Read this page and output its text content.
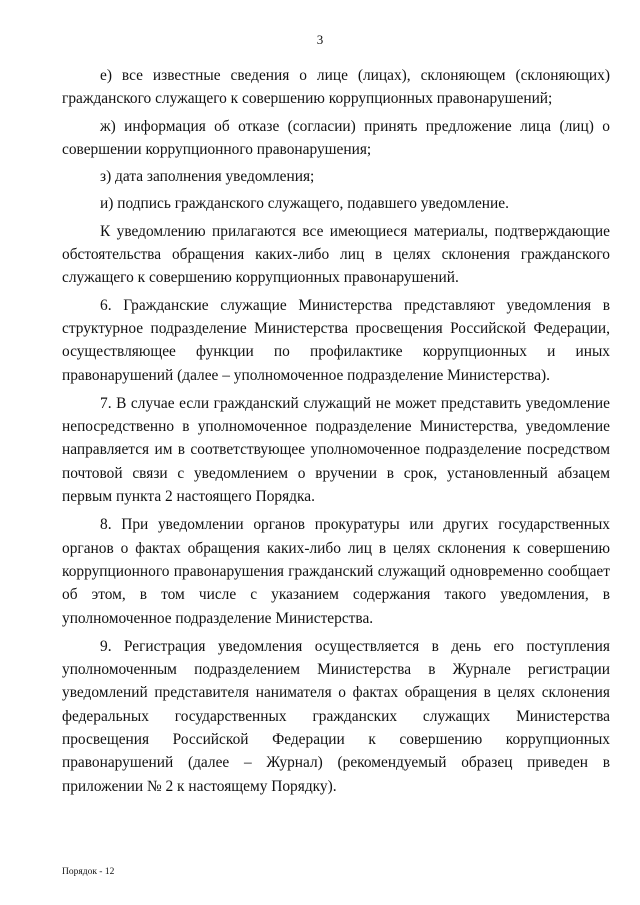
3

е) все известные сведения о лице (лицах), склоняющем (склоняющих) гражданского служащего к совершению коррупционных правонарушений;

ж) информация об отказе (согласии) принять предложение лица (лиц) о совершении коррупционного правонарушения;

з) дата заполнения уведомления;

и) подпись гражданского служащего, подавшего уведомление.

К уведомлению прилагаются все имеющиеся материалы, подтверждающие обстоятельства обращения каких-либо лиц в целях склонения гражданского служащего к совершению коррупционных правонарушений.

6. Гражданские служащие Министерства представляют уведомления в структурное подразделение Министерства просвещения Российской Федерации, осуществляющее функции по профилактике коррупционных и иных правонарушений (далее – уполномоченное подразделение Министерства).

7. В случае если гражданский служащий не может представить уведомление непосредственно в уполномоченное подразделение Министерства, уведомление направляется им в соответствующее уполномоченное подразделение посредством почтовой связи с уведомлением о вручении в срок, установленный абзацем первым пункта 2 настоящего Порядка.

8. При уведомлении органов прокуратуры или других государственных органов о фактах обращения каких-либо лиц в целях склонения к совершению коррупционного правонарушения гражданский служащий одновременно сообщает об этом, в том числе с указанием содержания такого уведомления, в уполномоченное подразделение Министерства.

9. Регистрация уведомления осуществляется в день его поступления уполномоченным подразделением Министерства в Журнале регистрации уведомлений представителя нанимателя о фактах обращения в целях склонения федеральных государственных гражданских служащих Министерства просвещения Российской Федерации к совершению коррупционных правонарушений (далее – Журнал) (рекомендуемый образец приведен в приложении № 2 к настоящему Порядку).

Порядок - 12
